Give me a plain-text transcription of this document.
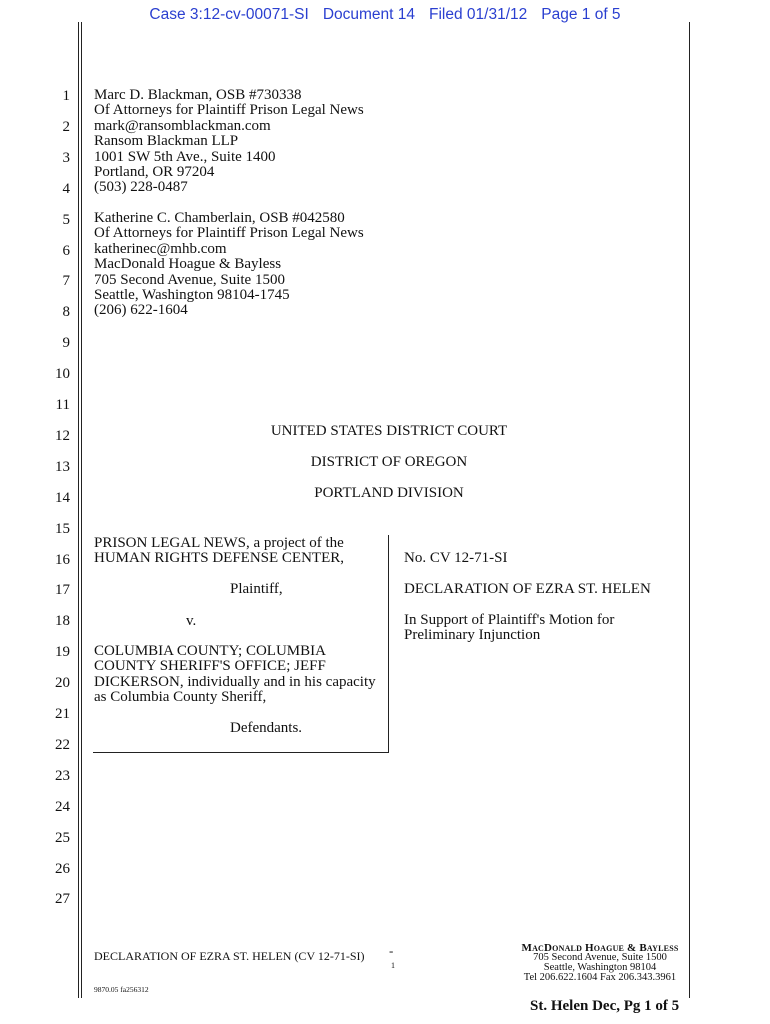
Case 3:12-cv-00071-SI Document 14 Filed 01/31/12 Page 1 of 5
1
2
3
4
5
6
7
8
9
10
11
12
13
14
15
16
17
18
19
20
21
22
23
24
25
26
27
Marc D. Blackman, OSB #730338
Of Attorneys for Plaintiff Prison Legal News
mark@ransomblackman.com
Ransom Blackman LLP
1001 SW 5th Ave., Suite 1400
Portland, OR 97204
(503) 228-0487
Katherine C. Chamberlain, OSB #042580
Of Attorneys for Plaintiff Prison Legal News
katherinec@mhb.com
MacDonald Hoague & Bayless
705 Second Avenue, Suite 1500
Seattle, Washington 98104-1745
(206) 622-1604
UNITED STATES DISTRICT COURT
DISTRICT OF OREGON
PORTLAND DIVISION
PRISON LEGAL NEWS, a project of the
HUMAN RIGHTS DEFENSE CENTER,
Plaintiff,
v.
COLUMBIA COUNTY; COLUMBIA
COUNTY SHERIFF'S OFFICE; JEFF
DICKERSON, individually and in his capacity
as Columbia County Sheriff,
Defendants.
No. CV 12-71-SI
DECLARATION OF EZRA ST. HELEN
In Support of Plaintiff's Motion for
Preliminary Injunction
DECLARATION OF EZRA ST. HELEN (CV 12-71-SI) -
1
MacDonald Hoague & Bayless
705 Second Avenue, Suite 1500
Seattle, Washington 98104
Tel 206.622.1604 Fax 206.343.3961
9870.05 fa256312
St. Helen Dec, Pg 1 of 5
